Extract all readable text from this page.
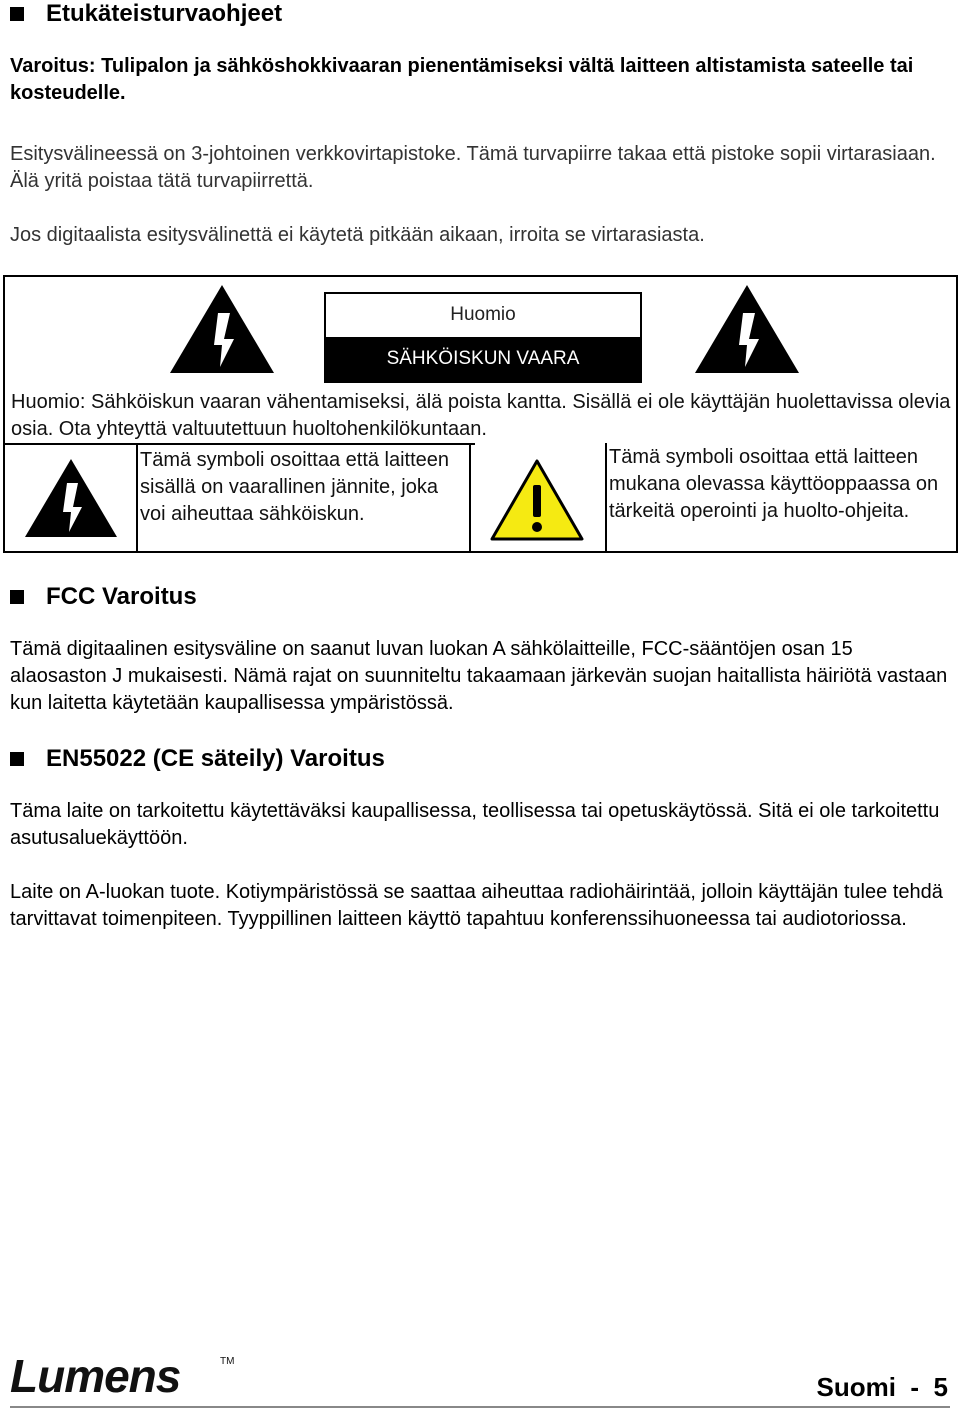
Etukäteisturvaohjeet

Varoitus: Tulipalon ja sähköshokkivaaran pienentämiseksi vältä laitteen altistamista sateelle tai kosteudelle.

Esitysvälineessä on 3-johtoinen verkkovirtapistoke. Tämä turvapiirre takaa että pistoke sopii virtarasiaan. Älä yritä poistaa tätä turvapiirrettä.

Jos digitaalista esitysvälinettä ei käytetä pitkään aikaan, irroita se virtarasiasta.

Huomio
SÄHKÖISKUN VAARA

Huomio: Sähköiskun vaaran vähentamiseksi, älä poista kantta. Sisällä ei ole käyttäjän huolettavissa olevia osia. Ota yhteyttä valtuutettuun huoltohenkilökuntaan.

Tämä symboli osoittaa että laitteen sisällä on vaarallinen jännite, joka voi aiheuttaa sähköiskun.

Tämä symboli osoittaa että laitteen mukana olevassa käyttöoppaassa on tärkeitä operointi ja huolto-ohjeita.

FCC Varoitus

Tämä digitaalinen esitysväline on saanut luvan luokan A sähkölaitteille, FCC-sääntöjen osan 15 alaosaston J mukaisesti. Nämä rajat on suunniteltu takaamaan järkevän suojan haitallista häiriötä vastaan kun laitetta käytetään kaupallisessa ympäristössä.

EN55022 (CE säteily) Varoitus

Täma laite on tarkoitettu käytettäväksi kaupallisessa, teollisessa tai opetuskäytössä. Sitä ei ole tarkoitettu asutusaluekäyttöön.

Laite on A-luokan tuote. Kotiympäristössä se saattaa aiheuttaa radiohäirintää, jolloin käyttäjän tulee tehdä tarvittavat toimenpiteen. Tyyppillinen laitteen käyttö tapahtuu konferenssihuoneessa tai audiotoriossa.

Lumens	TM
Suomi  -  5
